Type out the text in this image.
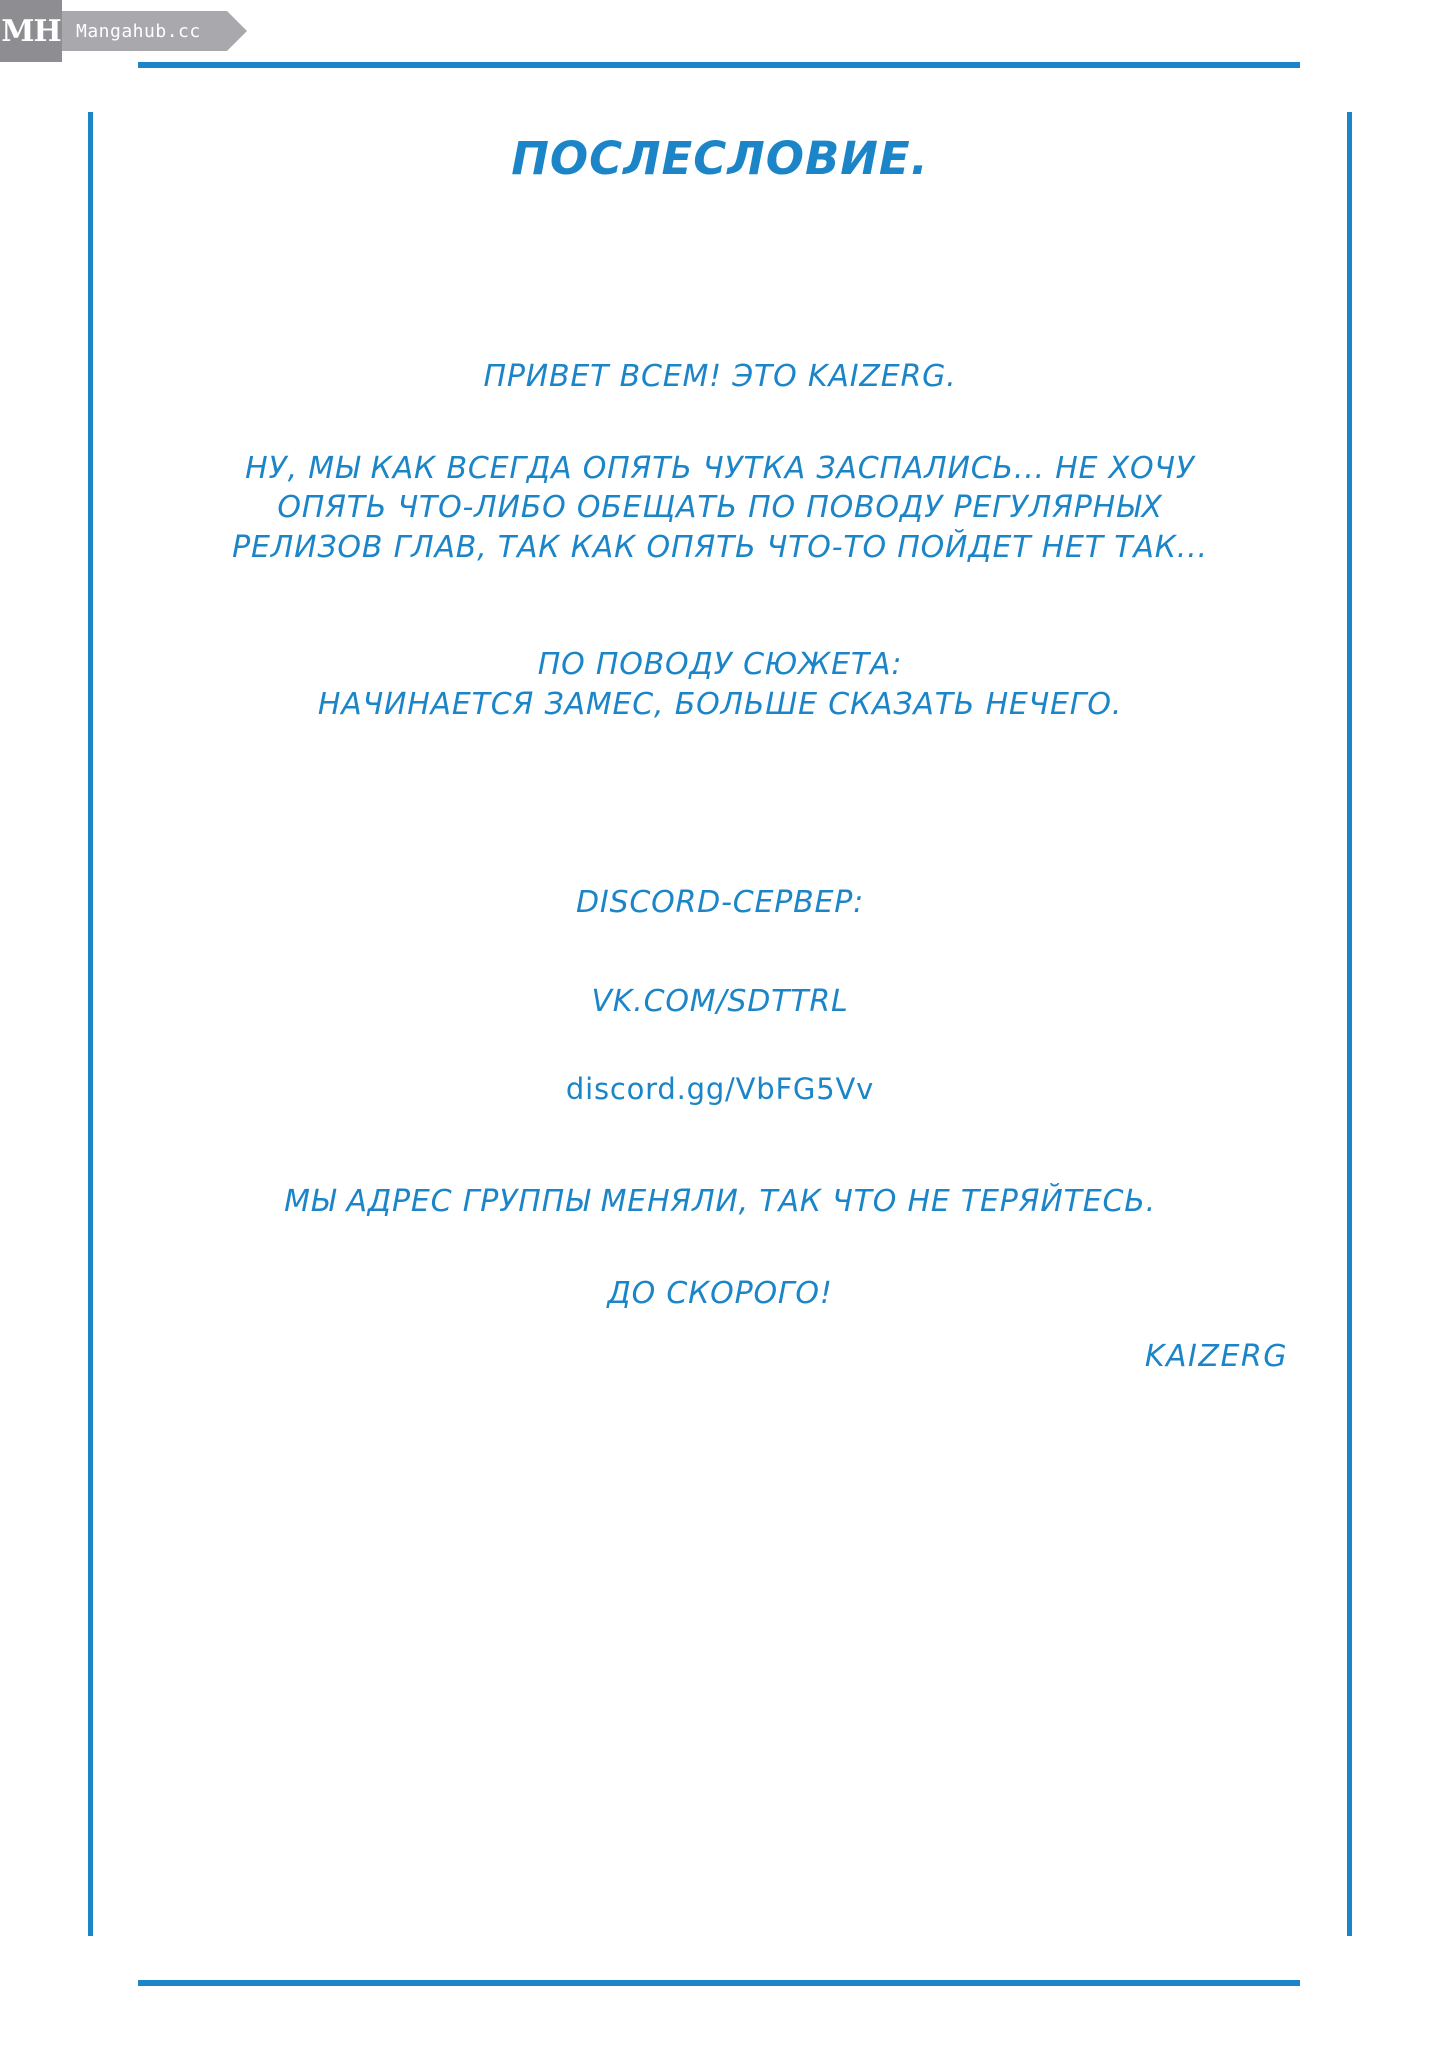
MH Mangahub.cc
ПОСЛЕСЛОВИЕ.
ПРИВЕТ ВСЕМ! ЭТО KAIZERG.
НУ, МЫ КАК ВСЕГДА ОПЯТЬ ЧУТКА ЗАСПАЛИСЬ... НЕ ХОЧУ
ОПЯТЬ ЧТО-ЛИБО ОБЕЩАТЬ ПО ПОВОДУ РЕГУЛЯРНЫХ
РЕЛИЗОВ ГЛАВ, ТАК КАК ОПЯТЬ ЧТО-ТО ПОЙДЕТ НЕТ ТАК...
ПО ПОВОДУ СЮЖЕТА:
НАЧИНАЕТСЯ ЗАМЕС, БОЛЬШЕ СКАЗАТЬ НЕЧЕГО.
DISCORD-СЕРВЕР:
VK.COM/SDTTRL
discord.gg/VbFG5Vv
МЫ АДРЕС ГРУППЫ МЕНЯЛИ, ТАК ЧТО НЕ ТЕРЯЙТЕСЬ.
ДО СКОРОГО!
KAIZERG
